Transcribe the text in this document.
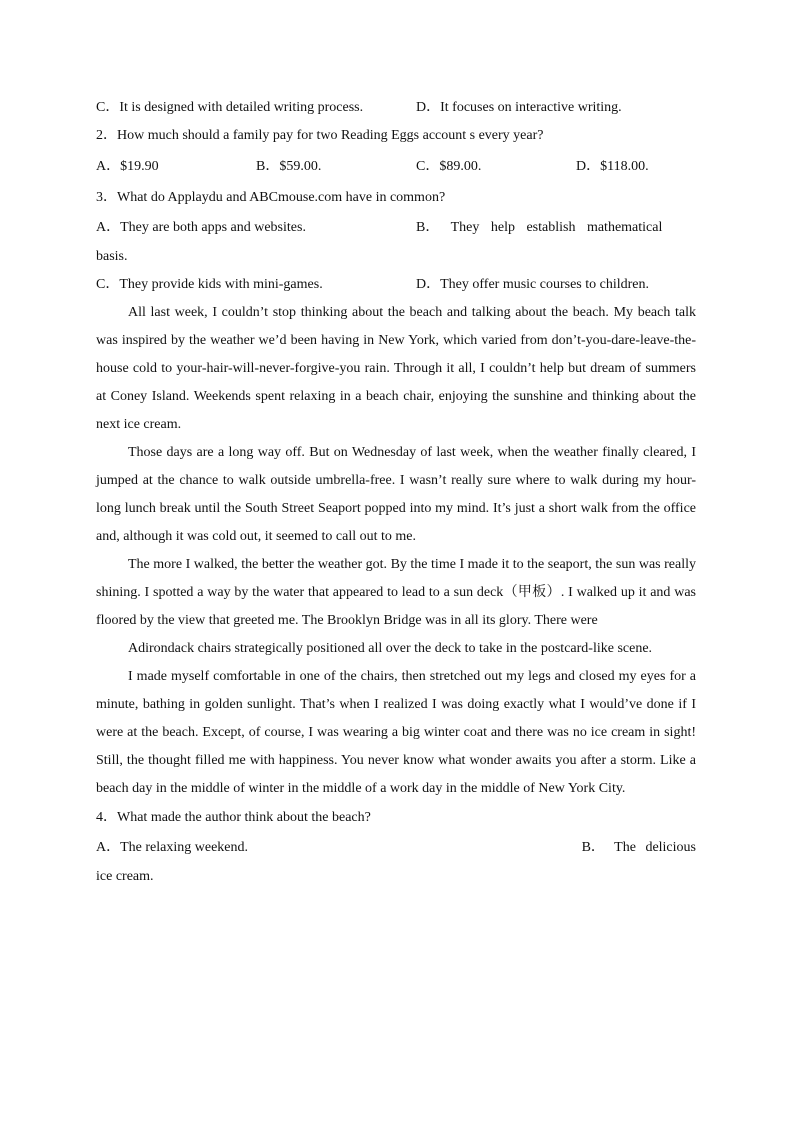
C．It is designed with detailed writing process.	D．It focuses on interactive writing.
2．How much should a family pay for two Reading Eggs account s every year?
A．$19.90	B．$59.00.	C．$89.00.	D．$118.00.
3．What do Applaydu and ABCmouse.com have in common?
A．They are both apps and websites.	B． They help establish mathematical
basis.
C．They provide kids with mini-games.	D．They offer music courses to children.

All last week, I couldn’t stop thinking about the beach and talking about the beach. My beach talk was inspired by the weather we’d been having in New York, which varied from don’t-you-dare-leave-the-house cold to your-hair-will-never-forgive-you rain. Through it all, I couldn’t help but dream of summers at Coney Island. Weekends spent relaxing in a beach chair, enjoying the sunshine and thinking about the next ice cream.

Those days are a long way off. But on Wednesday of last week, when the weather finally cleared, I jumped at the chance to walk outside umbrella-free. I wasn’t really sure where to walk during my hour-long lunch break until the South Street Seaport popped into my mind. It’s just a short walk from the office and, although it was cold out, it seemed to call out to me.

The more I walked, the better the weather got. By the time I made it to the seaport, the sun was really shining. I spotted a way by the water that appeared to lead to a sun deck（甲板）. I walked up it and was floored by the view that greeted me. The Brooklyn Bridge was in all its glory. There were

Adirondack chairs strategically positioned all over the deck to take in the postcard-like scene.

I made myself comfortable in one of the chairs, then stretched out my legs and closed my eyes for a minute, bathing in golden sunlight. That’s when I realized I was doing exactly what I would’ve done if I were at the beach. Except, of course, I was wearing a big winter coat and there was no ice cream in sight! Still, the thought filled me with happiness. You never know what wonder awaits you after a storm. Like a beach day in the middle of winter in the middle of a work day in the middle of New York City.

4．What made the author think about the beach?
A．The relaxing weekend.	B． The delicious
ice cream.
